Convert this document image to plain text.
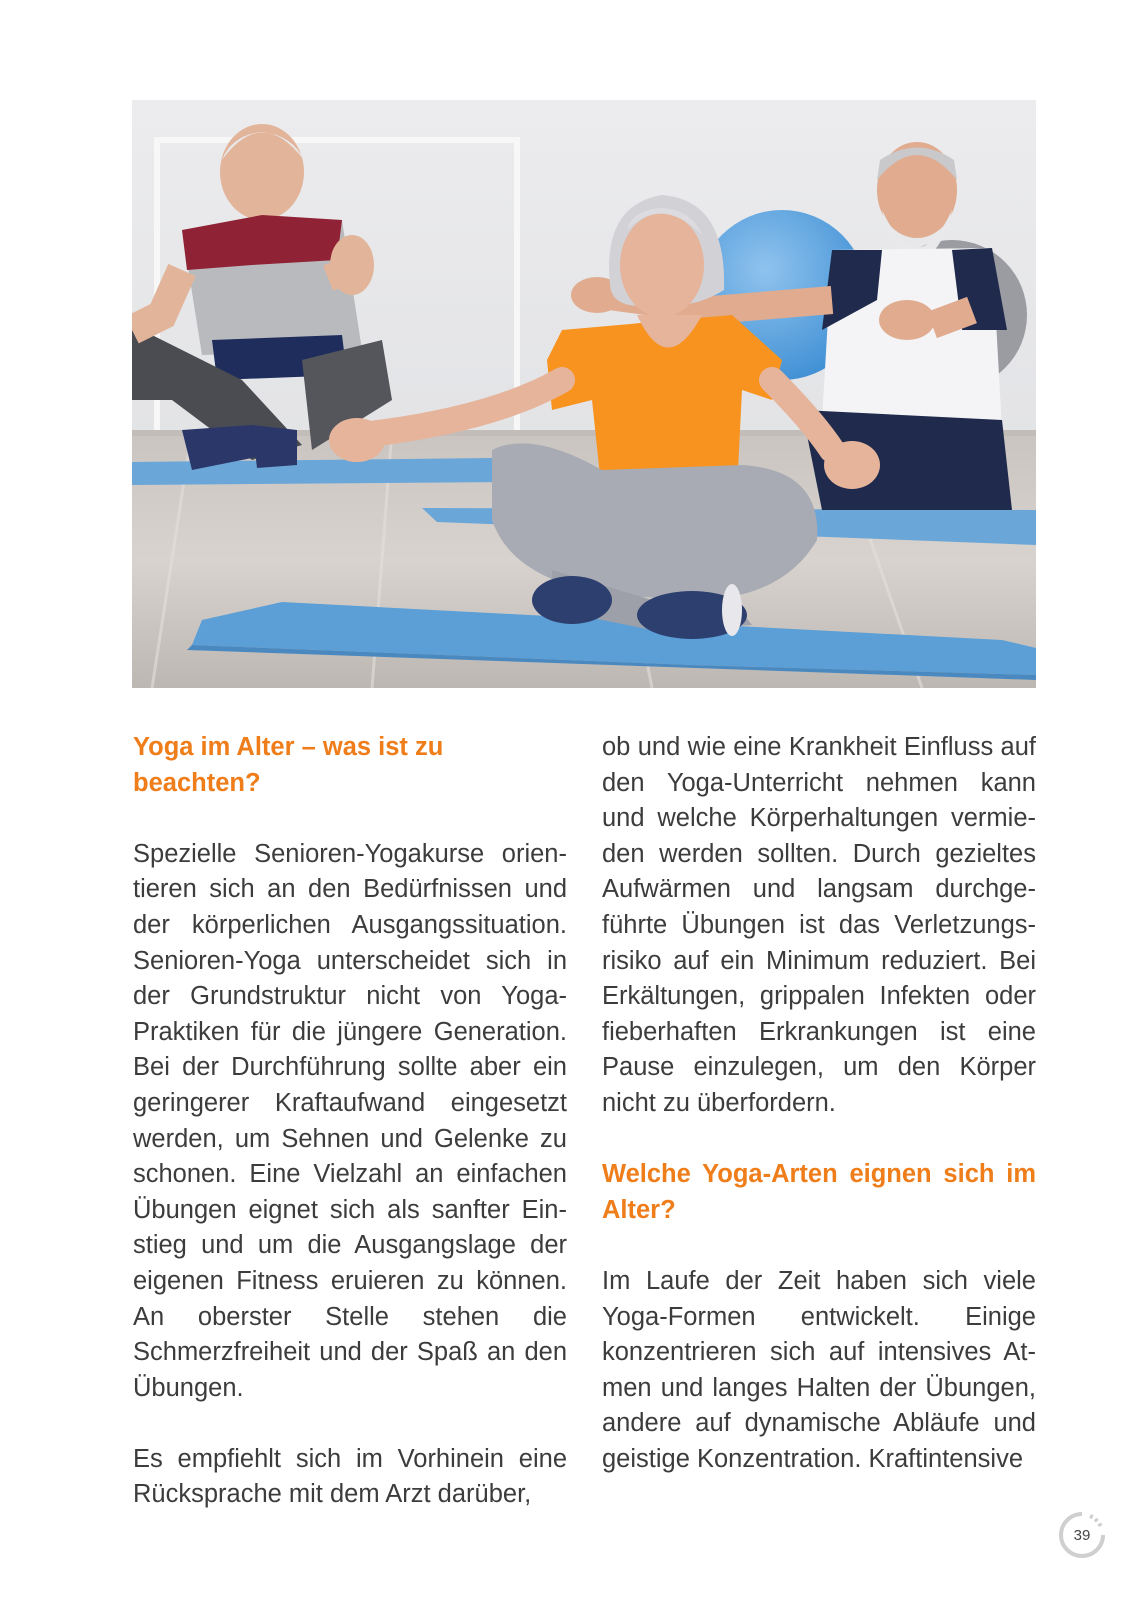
Yoga im Alter – was ist zu beachten?

Spezielle Senioren-Yogakurse orientieren sich an den Bedürfnissen und der körperlichen Ausgangssituation. Senioren-Yoga unterscheidet sich in der Grundstruktur nicht von Yoga-Praktiken für die jüngere Generation. Bei der Durchführung sollte aber ein geringerer Kraftaufwand eingesetzt werden, um Sehnen und Gelenke zu schonen. Eine Vielzahl an einfachen Übungen eignet sich als sanfter Einstieg und um die Ausgangslage der eigenen Fitness eruieren zu können. An oberster Stelle stehen die Schmerzfreiheit und der Spaß an den Übungen.

Es empfiehlt sich im Vorhinein eine Rücksprache mit dem Arzt darüber,

ob und wie eine Krankheit Einfluss auf den Yoga-Unterricht nehmen kann und welche Körperhaltungen vermieden werden sollten. Durch gezieltes Aufwärmen und langsam durchgeführte Übungen ist das Verletzungsrisiko auf ein Minimum reduziert. Bei Erkältungen, grippalen Infekten oder fieberhaften Erkrankungen ist eine Pause einzulegen, um den Körper nicht zu überfordern.

Welche Yoga-Arten eignen sich im Alter?

Im Laufe der Zeit haben sich viele Yoga-Formen entwickelt. Einige konzentrieren sich auf intensives Atmen und langes Halten der Übungen, andere auf dynamische Abläufe und geistige Konzentration. Kraftintensive

39
